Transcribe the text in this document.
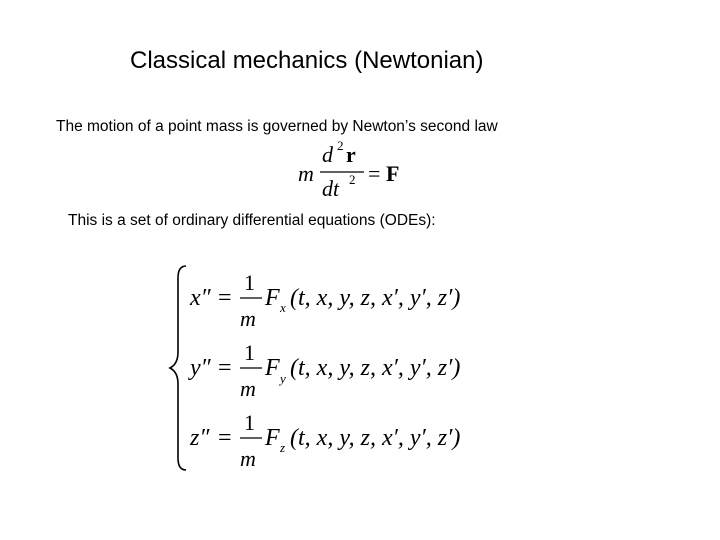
Classical mechanics (Newtonian)
The motion of a point mass is governed by Newton’s second law
m
d 2 r
dt 2 = F
x″ =
1
m
F x (t, x, y, z, x′, y′, z′)
y″ =
1
m
F y (t, x, y, z, x′, y′, z′)
z″ =
1
m
F z (t, x, y, z, x′, y′, z′)
This is a set of ordinary differential equations (ODEs):
